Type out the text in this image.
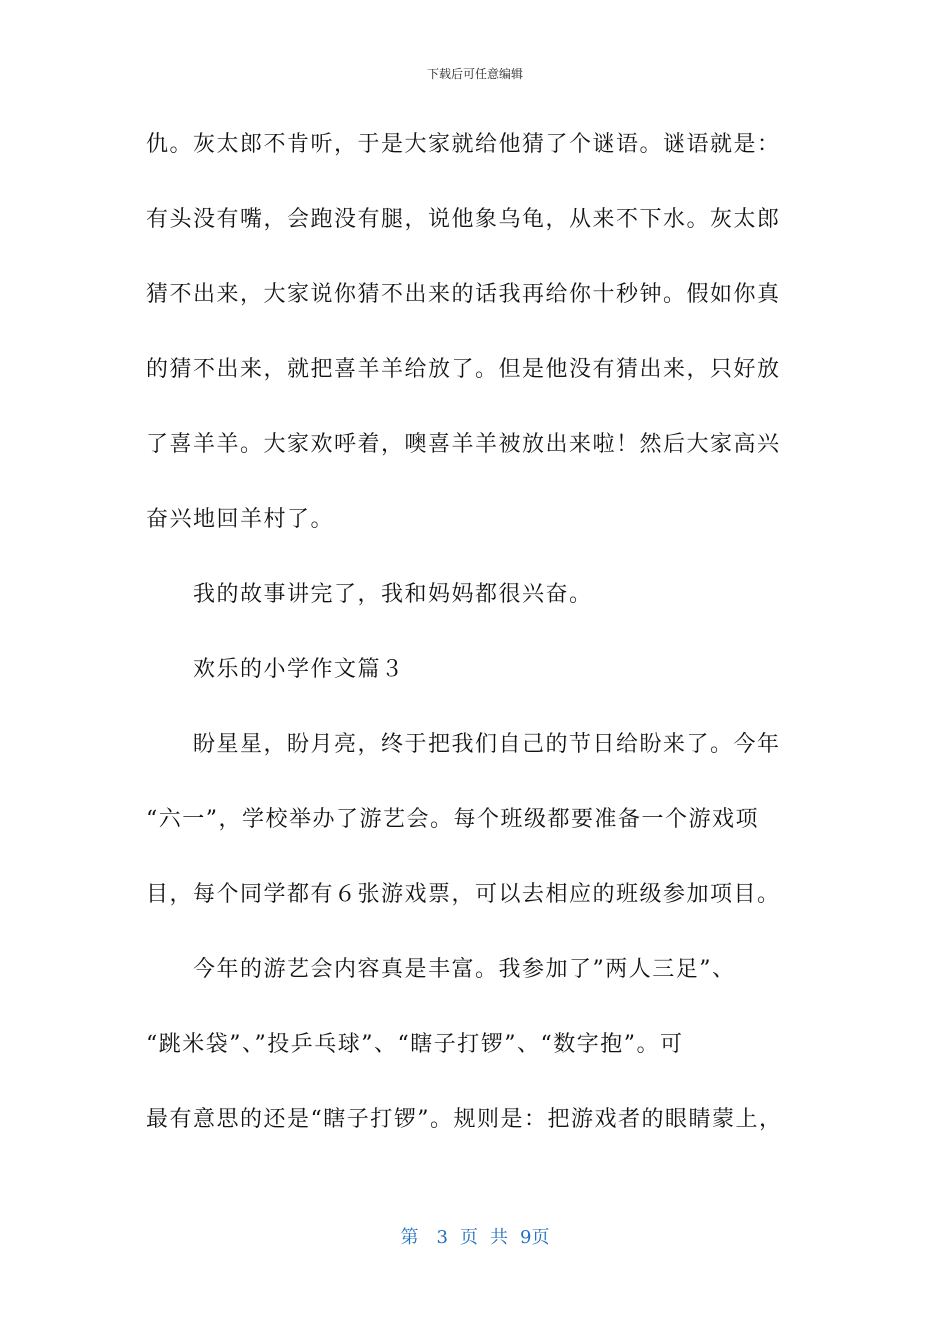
下载后可任意编辑
仇。灰太郎不肯听，于是大家就给他猜了个谜语。谜语就是：
有头没有嘴，会跑没有腿，说他象乌龟，从来不下水。灰太郎
猜不出来，大家说你猜不出来的话我再给你十秒钟。假如你真
的猜不出来，就把喜羊羊给放了。但是他没有猜出来，只好放
了喜羊羊。大家欢呼着，噢喜羊羊被放出来啦！然后大家高兴
奋兴地回羊村了。
我的故事讲完了，我和妈妈都很兴奋。
欢乐的小学作文篇３
盼星星，盼月亮，终于把我们自己的节日给盼来了。今年
“六一”，学校举办了游艺会。每个班级都要准备一个游戏项
目，每个同学都有６张游戏票，可以去相应的班级参加项目。
今年的游艺会内容真是丰富。我参加了”两人三足”、
“跳米袋”、”投乒乓球”、“瞎子打锣”、“数字抱”。可
最有意思的还是“瞎子打锣”。规则是：把游戏者的眼睛蒙上，
第 3 页 共 9页
